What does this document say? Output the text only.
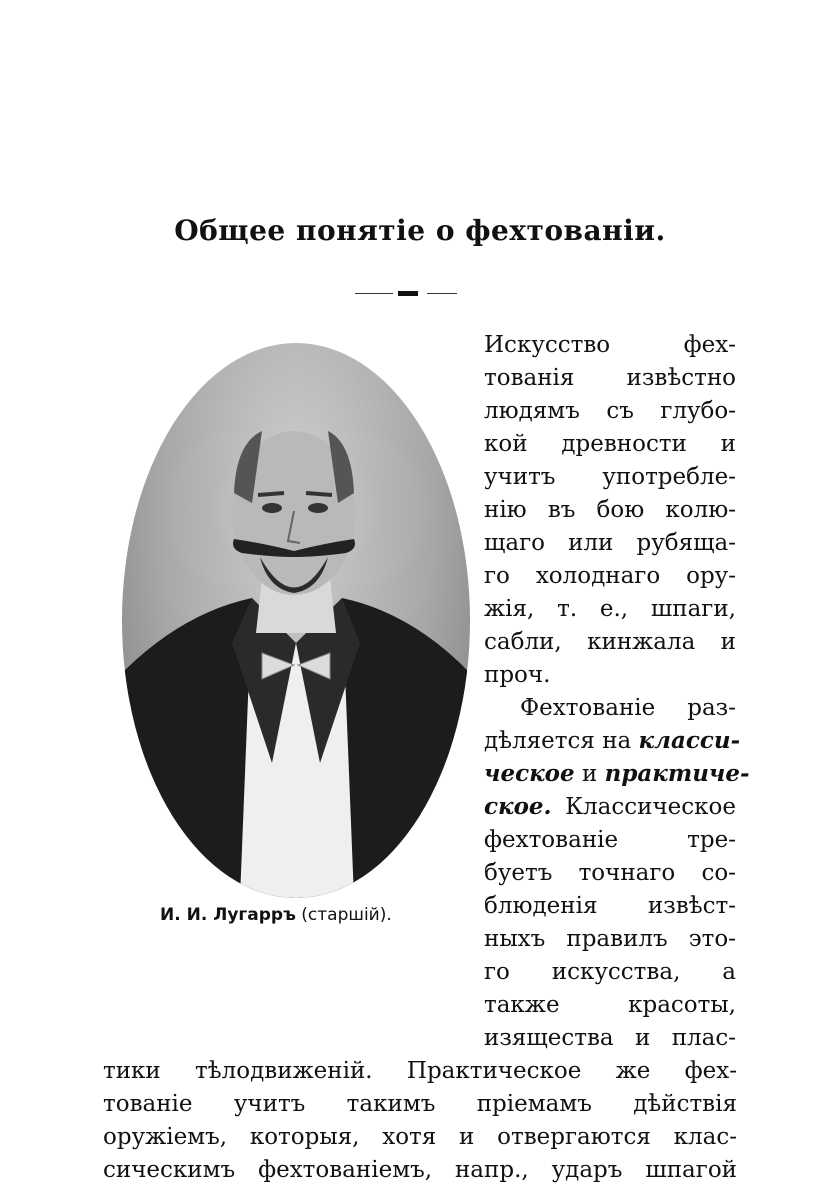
Общее понятіе о фехтованіи.
И. И. Лугарръ (старшій).
Искусство фех-
тованія извѣстно
людямъ съ глубо-
кой древности и
учитъ употребле-
нію въ бою колю-
щаго или рубяща-
го холоднаго ору-
жія, т. е., шпаги,
сабли, кинжала и
проч.
Фехтованіе раз-
дѣляется на класси-
ческое и практиче-
ское. Классическое
фехтованіе тре-
буетъ точнаго со-
блюденія извѣст-
ныхъ правилъ это-
го искусства, а
также красоты,
изящества и плас-
тики тѣлодвиженій. Практическое же фех-
тованіе учитъ такимъ пріемамъ дѣйствія
оружіемъ, которыя, хотя и отвергаются клас-
сическимъ фехтованіемъ, напр., ударъ шпагой
